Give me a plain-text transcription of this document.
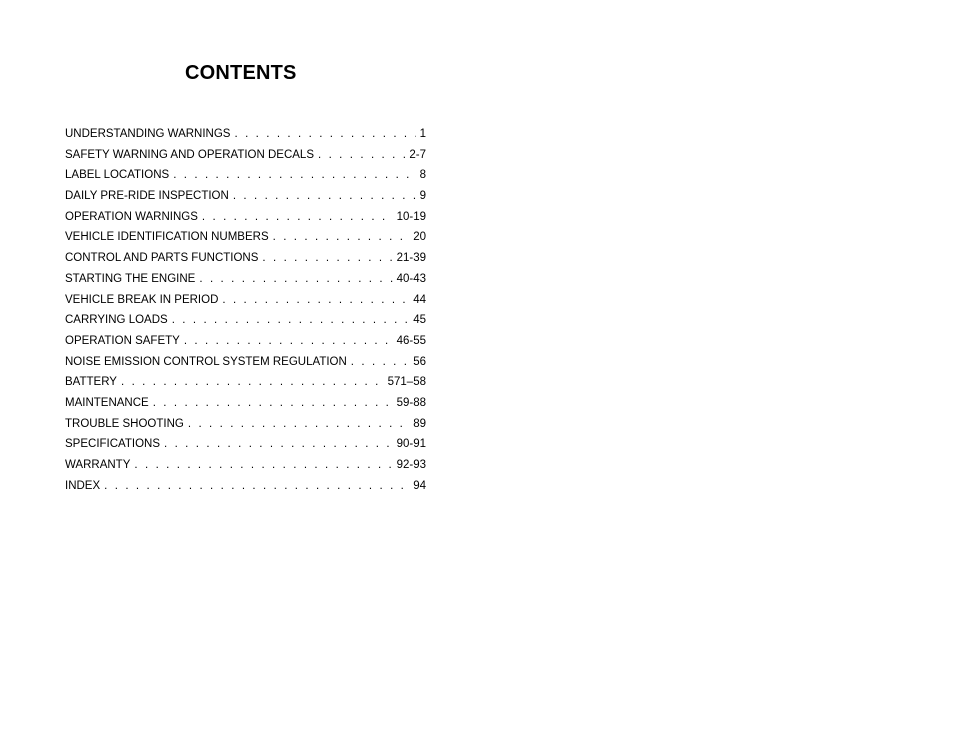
CONTENTS
UNDERSTANDING WARNINGS . . .	1
SAFETY WARNING AND OPERATION DECALS . . .	2-7
LABEL LOCATIONS . . .	8
DAILY PRE-RIDE INSPECTION . . .	9
OPERATION WARNINGS . . .	10-19
VEHICLE IDENTIFICATION NUMBERS . . .	20
CONTROL AND PARTS FUNCTIONS . . .	21-39
STARTING THE ENGINE . . .	40-43
VEHICLE BREAK IN PERIOD . . .	44
CARRYING LOADS . . .	45
OPERATION SAFETY . . .	46-55
NOISE EMISSION CONTROL SYSTEM REGULATION . . .	56
BATTERY . . .	571–58
MAINTENANCE . . .	59-88
TROUBLE SHOOTING . . .	89
SPECIFICATIONS . . .	90-91
WARRANTY . . .	92-93
INDEX . . .	94
